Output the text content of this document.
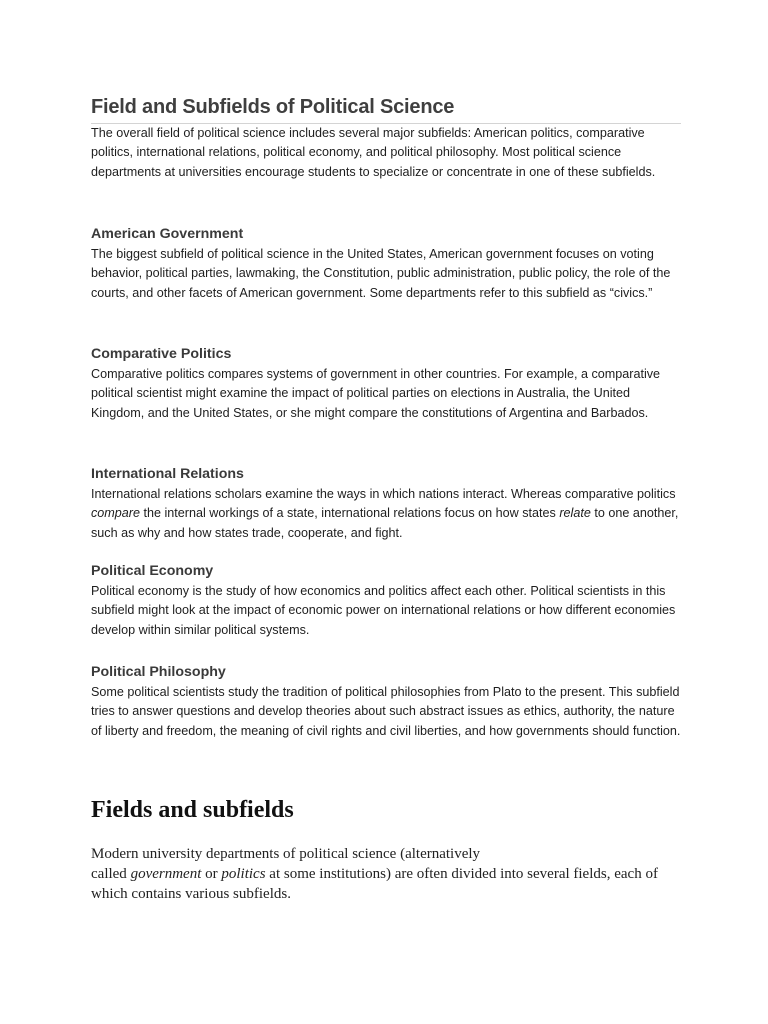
Field and Subfields of Political Science

The overall field of political science includes several major subfields: American politics, comparative politics, international relations, political economy, and political philosophy. Most political science departments at universities encourage students to specialize or concentrate in one of these subfields.

American Government

The biggest subfield of political science in the United States, American government focuses on voting behavior, political parties, lawmaking, the Constitution, public administration, public policy, the role of the courts, and other facets of American government. Some departments refer to this subfield as “civics.”

Comparative Politics

Comparative politics compares systems of government in other countries. For example, a comparative political scientist might examine the impact of political parties on elections in Australia, the United Kingdom, and the United States, or she might compare the constitutions of Argentina and Barbados.

International Relations

International relations scholars examine the ways in which nations interact. Whereas comparative politics compare the internal workings of a state, international relations focus on how states relate to one another, such as why and how states trade, cooperate, and fight.

Political Economy

Political economy is the study of how economics and politics affect each other. Political scientists in this subfield might look at the impact of economic power on international relations or how different economies develop within similar political systems.

Political Philosophy

Some political scientists study the tradition of political philosophies from Plato to the present. This subfield tries to answer questions and develop theories about such abstract issues as ethics, authority, the nature of liberty and freedom, the meaning of civil rights and civil liberties, and how governments should function.

Fields and subfields

Modern university departments of political science (alternatively
called government or politics at some institutions) are often divided into several fields, each of which contains various subfields.
